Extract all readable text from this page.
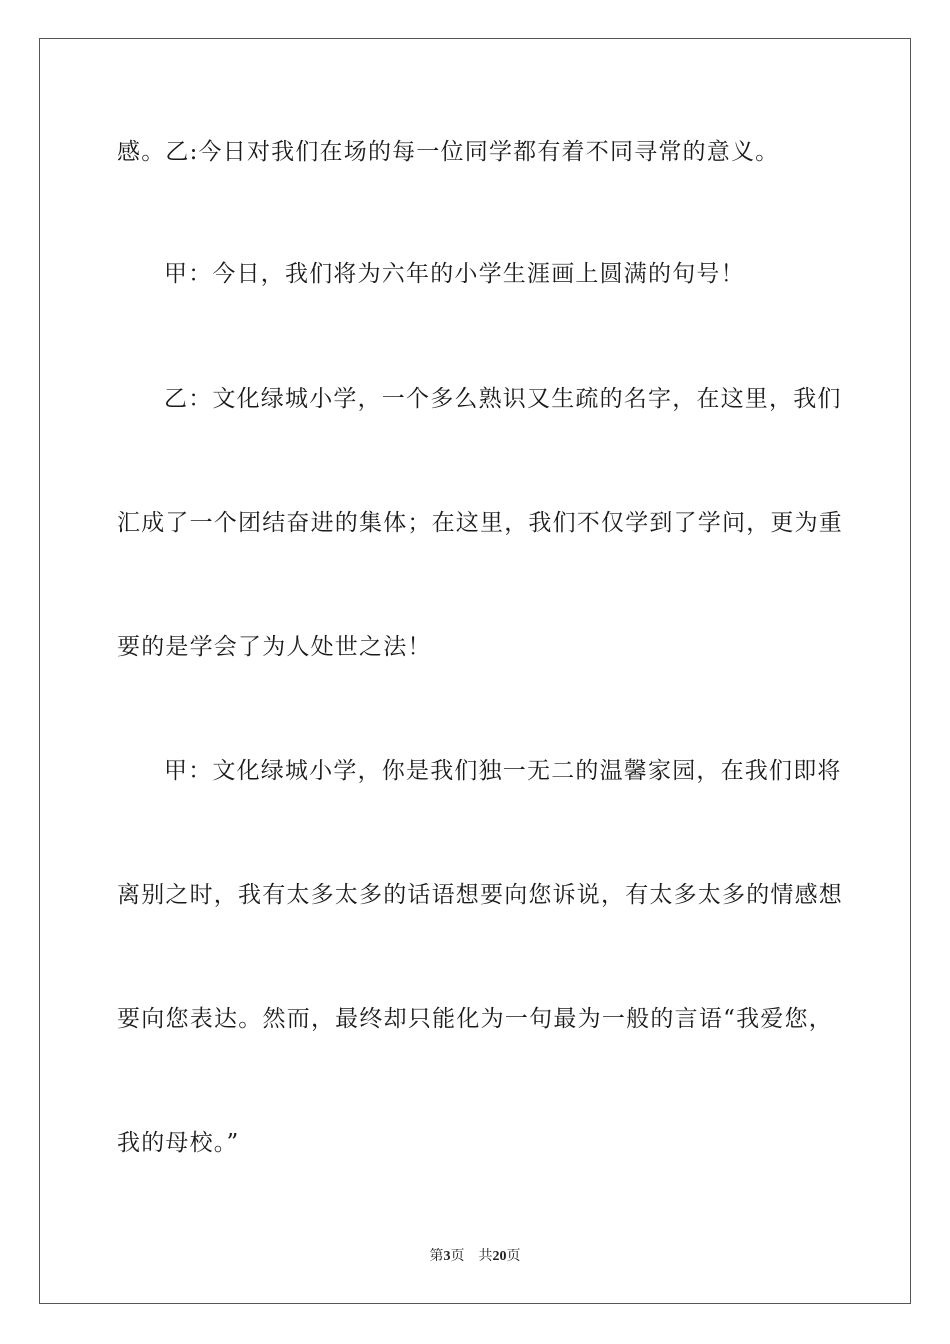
感。乙:今日对我们在场的每一位同学都有着不同寻常的意义。
甲：今日，我们将为六年的小学生涯画上圆满的句号！
乙：文化绿城小学，一个多么熟识又生疏的名字，在这里，我们
汇成了一个团结奋进的集体；在这里，我们不仅学到了学问，更为重
要的是学会了为人处世之法！
甲：文化绿城小学，你是我们独一无二的温馨家园，在我们即将
离别之时，我有太多太多的话语想要向您诉说，有太多太多的情感想
要向您表达。然而，最终却只能化为一句最为一般的言语“我爱您，
我的母校。”
第3页 共20页
